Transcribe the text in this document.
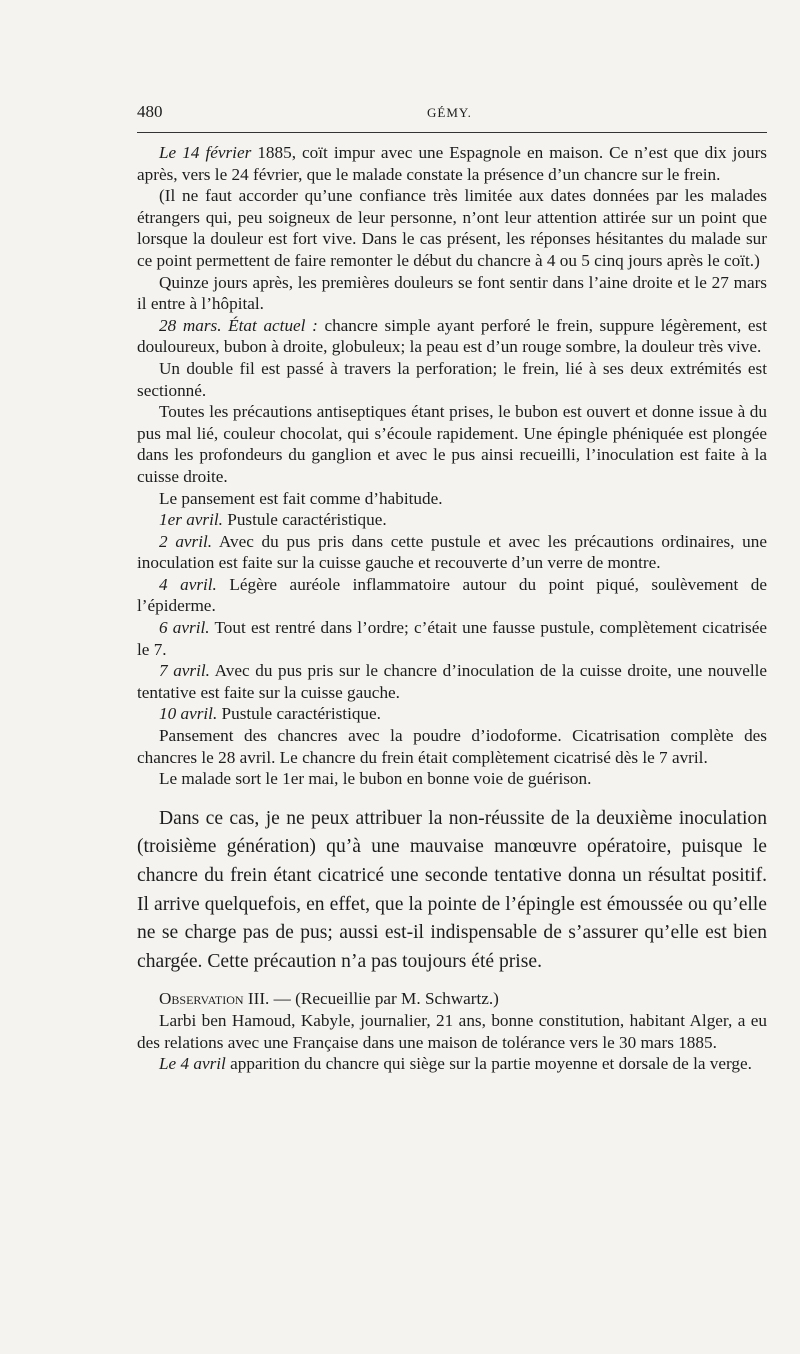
480	GÉMY.

Le 14 février 1885, coït impur avec une Espagnole en maison. Ce n’est que dix jours après, vers le 24 février, que le malade constate la présence d’un chancre sur le frein.

(Il ne faut accorder qu’une confiance très limitée aux dates données par les malades étrangers qui, peu soigneux de leur personne, n’ont leur attention attirée sur un point que lorsque la douleur est fort vive. Dans le cas présent, les réponses hésitantes du malade sur ce point permettent de faire remonter le début du chancre à 4 ou 5 cinq jours après le coït.)

Quinze jours après, les premières douleurs se font sentir dans l’aine droite et le 27 mars il entre à l’hôpital.

28 mars. État actuel : chancre simple ayant perforé le frein, suppure légèrement, est douloureux, bubon à droite, globuleux; la peau est d’un rouge sombre, la douleur très vive.

Un double fil est passé à travers la perforation; le frein, lié à ses deux extrémités est sectionné.

Toutes les précautions antiseptiques étant prises, le bubon est ouvert et donne issue à du pus mal lié, couleur chocolat, qui s’écoule rapidement. Une épingle phéniquée est plongée dans les profondeurs du ganglion et avec le pus ainsi recueilli, l’inoculation est faite à la cuisse droite.

Le pansement est fait comme d’habitude.

1er avril. Pustule caractéristique.

2 avril. Avec du pus pris dans cette pustule et avec les précautions ordinaires, une inoculation est faite sur la cuisse gauche et recouverte d’un verre de montre.

4 avril. Légère auréole inflammatoire autour du point piqué, soulèvement de l’épiderme.

6 avril. Tout est rentré dans l’ordre; c’était une fausse pustule, complètement cicatrisée le 7.

7 avril. Avec du pus pris sur le chancre d’inoculation de la cuisse droite, une nouvelle tentative est faite sur la cuisse gauche.

10 avril. Pustule caractéristique.

Pansement des chancres avec la poudre d’iodoforme. Cicatrisation complète des chancres le 28 avril. Le chancre du frein était complètement cicatrisé dès le 7 avril.

Le malade sort le 1er mai, le bubon en bonne voie de guérison.

Dans ce cas, je ne peux attribuer la non-réussite de la deuxième inoculation (troisième génération) qu’à une mauvaise manœuvre opératoire, puisque le chancre du frein étant cicatricé une seconde tentative donna un résultat positif. Il arrive quelquefois, en effet, que la pointe de l’épingle est émoussée ou qu’elle ne se charge pas de pus; aussi est-il indispensable de s’assurer qu’elle est bien chargée. Cette précaution n’a pas toujours été prise.

Observation III. — (Recueillie par M. Schwartz.)

Larbi ben Hamoud, Kabyle, journalier, 21 ans, bonne constitution, habitant Alger, a eu des relations avec une Française dans une maison de tolérance vers le 30 mars 1885.

Le 4 avril apparition du chancre qui siège sur la partie moyenne et dorsale de la verge.
